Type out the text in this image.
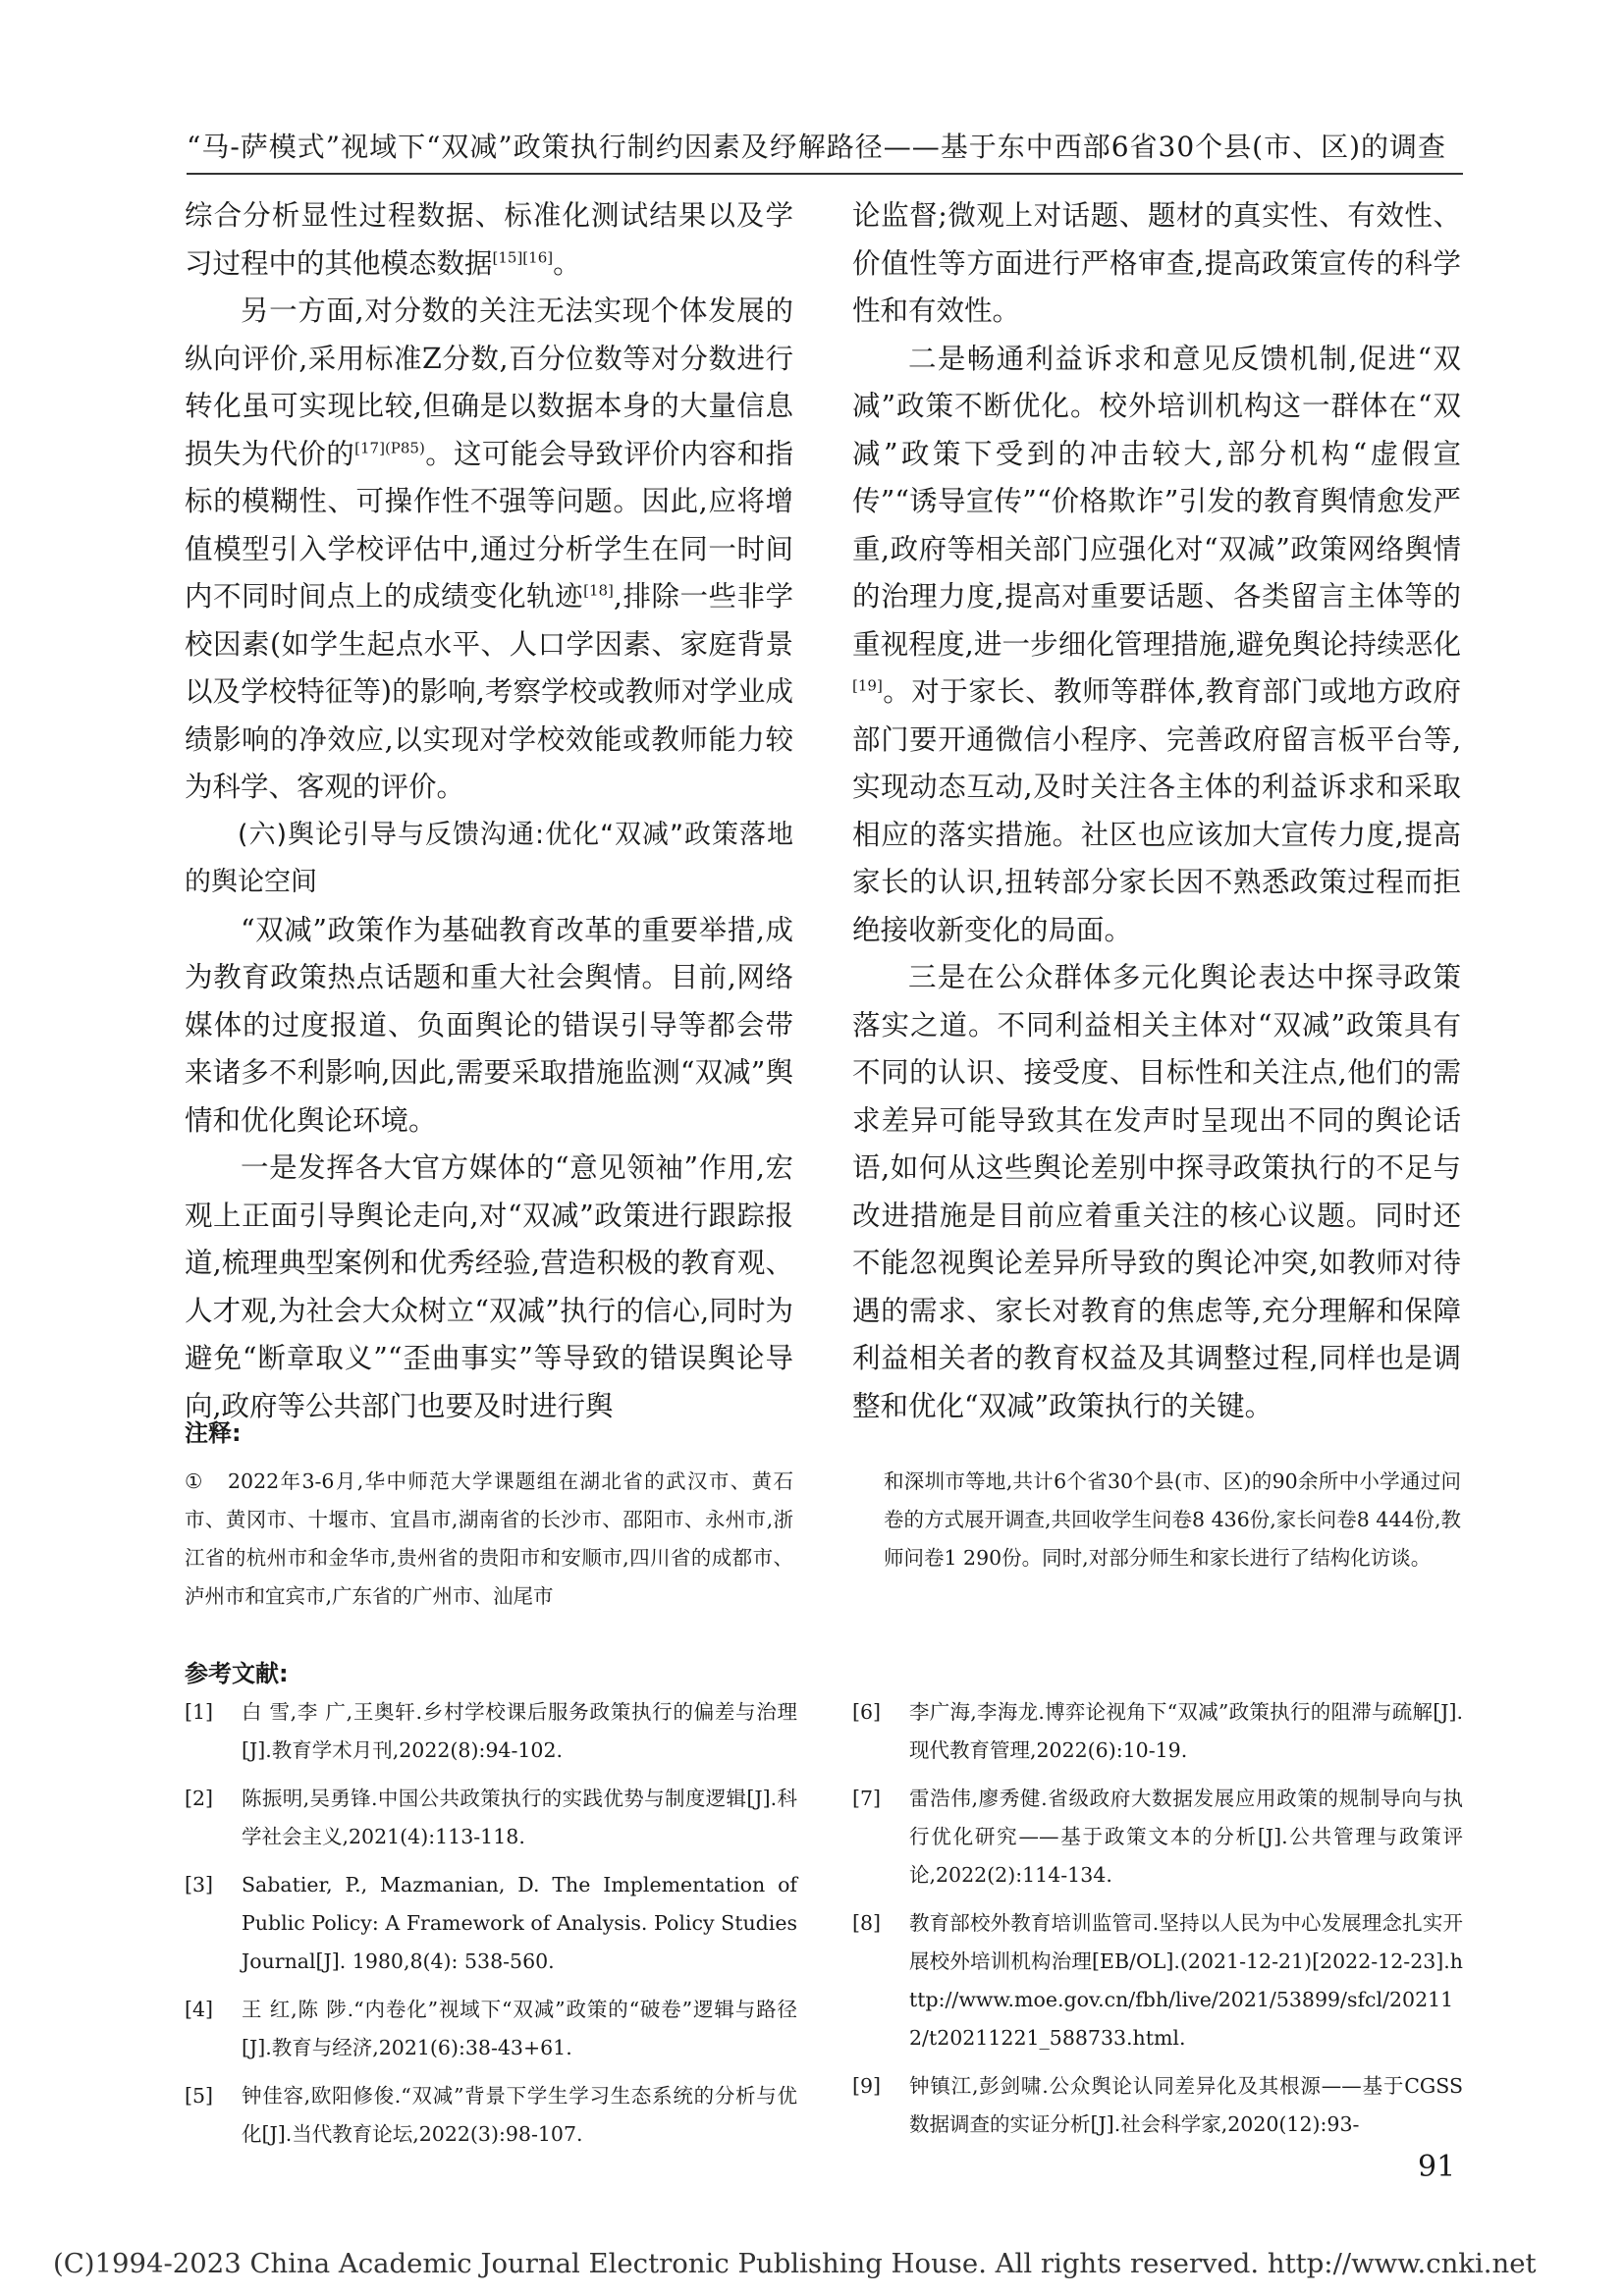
“马-萨模式”视域下“双减”政策执行制约因素及纾解路径——基于东中西部6省30个县(市、区)的调查

综合分析显性过程数据、标准化测试结果以及学习过程中的其他模态数据[15][16]。

另一方面,对分数的关注无法实现个体发展的纵向评价,采用标准Z分数,百分位数等对分数进行转化虽可实现比较,但确是以数据本身的大量信息损失为代价的$^{[17](P85)}$。这可能会导致评价内容和指标的模糊性、可操作性不强等问题。因此,应将增值模型引入学校评估中,通过分析学生在同一时间内不同时间点上的成绩变化轨迹[18],排除一些非学校因素(如学生起点水平、人口学因素、家庭背景以及学校特征等)的影响,考察学校或教师对学业成绩影响的净效应,以实现对学校效能或教师能力较为科学、客观的评价。

(六)舆论引导与反馈沟通:优化“双减”政策落地的舆论空间

“双减”政策作为基础教育改革的重要举措,成为教育政策热点话题和重大社会舆情。目前,网络媒体的过度报道、负面舆论的错误引导等都会带来诸多不利影响,因此,需要采取措施监测“双减”舆情和优化舆论环境。

一是发挥各大官方媒体的“意见领袖”作用,宏观上正面引导舆论走向,对“双减”政策进行跟踪报道,梳理典型案例和优秀经验,营造积极的教育观、人才观,为社会大众树立“双减”执行的信心,同时为避免“断章取义”“歪曲事实”等导致的错误舆论导向,政府等公共部门也要及时进行舆

论监督;微观上对话题、题材的真实性、有效性、价值性等方面进行严格审查,提高政策宣传的科学性和有效性。

二是畅通利益诉求和意见反馈机制,促进“双减”政策不断优化。校外培训机构这一群体在“双减”政策下受到的冲击较大,部分机构“虚假宣传”“诱导宣传”“价格欺诈”引发的教育舆情愈发严重,政府等相关部门应强化对“双减”政策网络舆情的治理力度,提高对重要话题、各类留言主体等的重视程度,进一步细化管理措施,避免舆论持续恶化[19]。对于家长、教师等群体,教育部门或地方政府部门要开通微信小程序、完善政府留言板平台等,实现动态互动,及时关注各主体的利益诉求和采取相应的落实措施。社区也应该加大宣传力度,提高家长的认识,扭转部分家长因不熟悉政策过程而拒绝接收新变化的局面。

三是在公众群体多元化舆论表达中探寻政策落实之道。不同利益相关主体对“双减”政策具有不同的认识、接受度、目标性和关注点,他们的需求差异可能导致其在发声时呈现出不同的舆论话语,如何从这些舆论差别中探寻政策执行的不足与改进措施是目前应着重关注的核心议题。同时还不能忽视舆论差异所导致的舆论冲突,如教师对待遇的需求、家长对教育的焦虑等,充分理解和保障利益相关者的教育权益及其调整过程,同样也是调整和优化“双减”政策执行的关键。

注释:
① 2022年3-6月,华中师范大学课题组在湖北省的武汉市、黄石市、黄冈市、十堰市、宜昌市,湖南省的长沙市、邵阳市、永州市,浙江省的杭州市和金华市,贵州省的贵阳市和安顺市,四川省的成都市、泸州市和宜宾市,广东省的广州市、汕尾市
和深圳市等地,共计6个省30个县(市、区)的90余所中小学通过问卷的方式展开调查,共回收学生问卷8 436份,家长问卷8 444份,教师问卷1 290份。同时,对部分师生和家长进行了结构化访谈。
参考文献:
[1]	白 雪,李 广,王奥轩.乡村学校课后服务政策执行的偏差与治理[J].教育学术月刊,2022(8):94-102.
[2]	陈振明,吴勇锋.中国公共政策执行的实践优势与制度逻辑[J].科学社会主义,2021(4):113-118.
[3]	Sabatier, P., Mazmanian, D. The Implementation of Public Policy: A Framework of Analysis. Policy Studies Journal[J]. 1980,8(4): 538-560.
[4]	王 红,陈 陟.“内卷化”视域下“双减”政策的“破卷”逻辑与路径[J].教育与经济,2021(6):38-43+61.
[5]	钟佳容,欧阳修俊.“双减”背景下学生学习生态系统的分析与优化[J].当代教育论坛,2022(3):98-107.
[6]	李广海,李海龙.博弈论视角下“双减”政策执行的阻滞与疏解[J].现代教育管理,2022(6):10-19.
[7]	雷浩伟,廖秀健.省级政府大数据发展应用政策的规制导向与执行优化研究——基于政策文本的分析[J].公共管理与政策评论,2022(2):114-134.
[8]	教育部校外教育培训监管司.坚持以人民为中心发展理念扎实开展校外培训机构治理[EB/OL].(2021-12-21)[2022-12-23].http://www.moe.gov.cn/fbh/live/2021/53899/sfcl/202112/t20211221_588733.html.
[9]	钟镇江,彭剑啸.公众舆论认同差异化及其根源——基于CGSS数据调查的实证分析[J].社会科学家,2020(12):93-
91
(C)1994-2023 China Academic Journal Electronic Publishing House. All rights reserved. http://www.cnki.net
